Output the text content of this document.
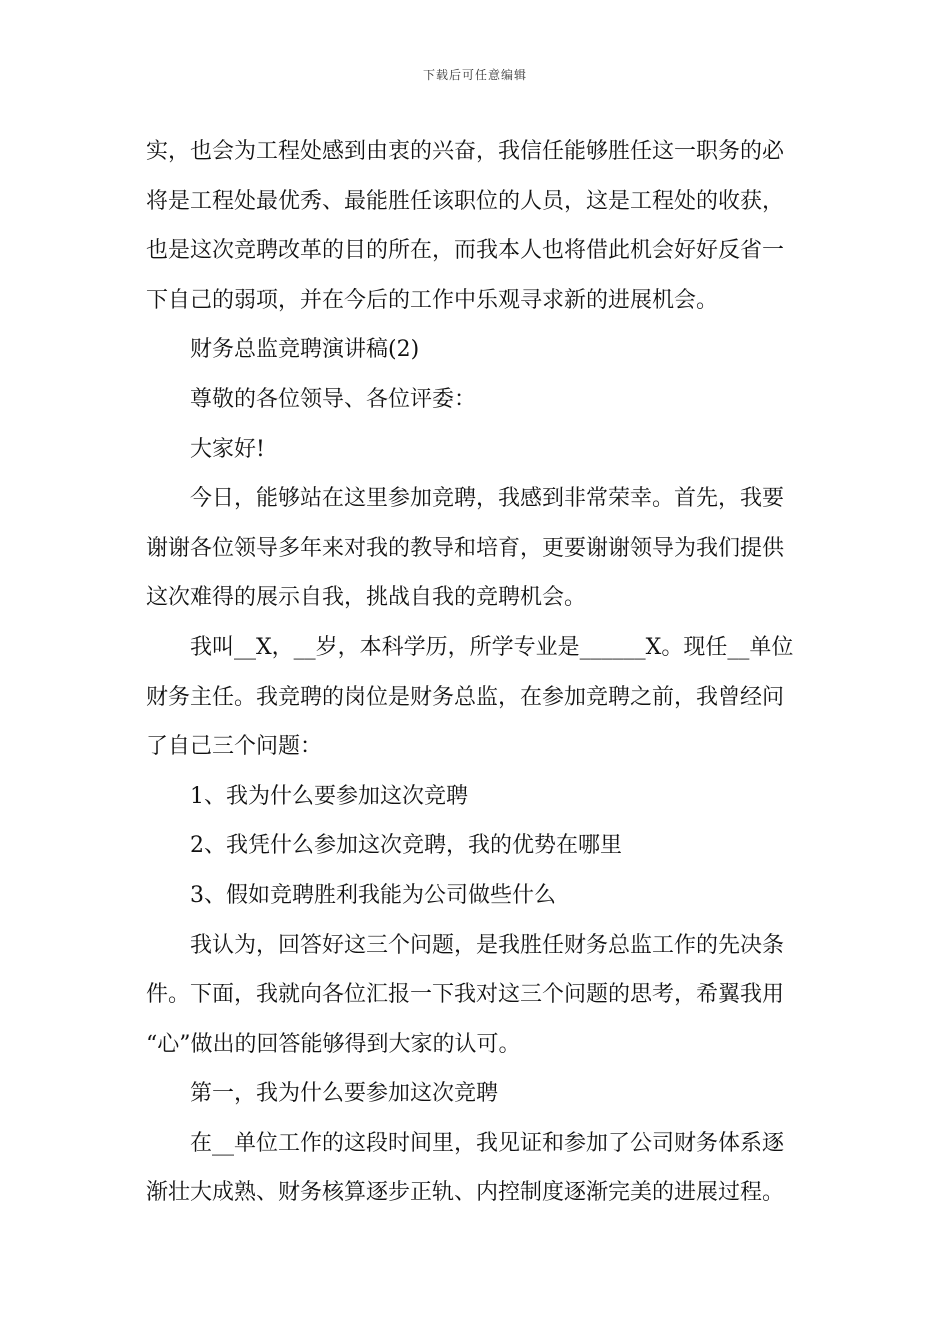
下载后可任意编辑
实，也会为工程处感到由衷的兴奋，我信任能够胜任这一职务的必
将是工程处最优秀、最能胜任该职位的人员，这是工程处的收获，
也是这次竞聘改革的目的所在，而我本人也将借此机会好好反省一
下自己的弱项，并在今后的工作中乐观寻求新的进展机会。
财务总监竞聘演讲稿(2)
尊敬的各位领导、各位评委：
大家好!
今日，能够站在这里参加竞聘，我感到非常荣幸。首先，我要
谢谢各位领导多年来对我的教导和培育，更要谢谢领导为我们提供
这次难得的展示自我，挑战自我的竞聘机会。
我叫__X，__岁，本科学历，所学专业是______X。现任__单位
财务主任。我竞聘的岗位是财务总监，在参加竞聘之前，我曾经问
了自己三个问题：
1、我为什么要参加这次竞聘
2、我凭什么参加这次竞聘，我的优势在哪里
3、假如竞聘胜利我能为公司做些什么
我认为，回答好这三个问题，是我胜任财务总监工作的先决条
件。下面，我就向各位汇报一下我对这三个问题的思考，希翼我用
“心”做出的回答能够得到大家的认可。
第一，我为什么要参加这次竞聘
在__单位工作的这段时间里，我见证和参加了公司财务体系逐
渐壮大成熟、财务核算逐步正轨、内控制度逐渐完美的进展过程。
